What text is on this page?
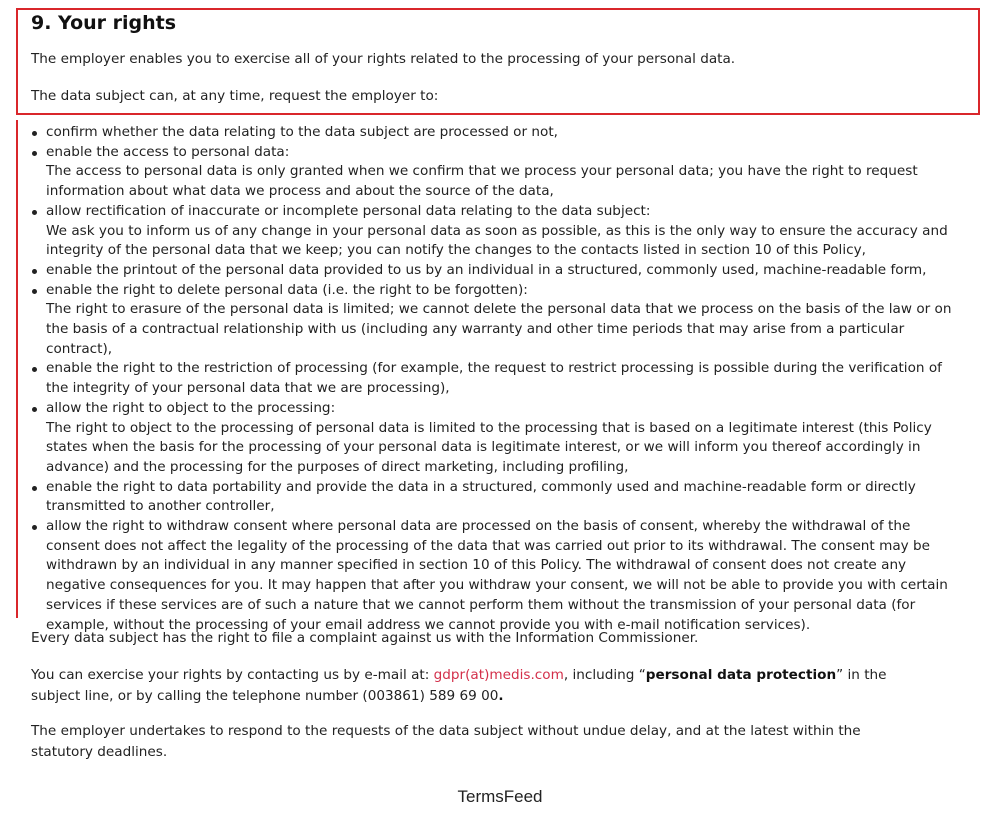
9. Your rights

The employer enables you to exercise all of your rights related to the processing of your personal data.

The data subject can, at any time, request the employer to:

confirm whether the data relating to the data subject are processed or not,
enable the access to personal data:
The access to personal data is only granted when we confirm that we process your personal data; you have the right to request information about what data we process and about the source of the data,
allow rectification of inaccurate or incomplete personal data relating to the data subject:
We ask you to inform us of any change in your personal data as soon as possible, as this is the only way to ensure the accuracy and integrity of the personal data that we keep; you can notify the changes to the contacts listed in section 10 of this Policy,
enable the printout of the personal data provided to us by an individual in a structured, commonly used, machine-readable form,
enable the right to delete personal data (i.e. the right to be forgotten):
The right to erasure of the personal data is limited; we cannot delete the personal data that we process on the basis of the law or on the basis of a contractual relationship with us (including any warranty and other time periods that may arise from a particular contract),
enable the right to the restriction of processing (for example, the request to restrict processing is possible during the verification of the integrity of your personal data that we are processing),
allow the right to object to the processing:
The right to object to the processing of personal data is limited to the processing that is based on a legitimate interest (this Policy states when the basis for the processing of your personal data is legitimate interest, or we will inform you thereof accordingly in advance) and the processing for the purposes of direct marketing, including profiling,
enable the right to data portability and provide the data in a structured, commonly used and machine-readable form or directly transmitted to another controller,
allow the right to withdraw consent where personal data are processed on the basis of consent, whereby the withdrawal of the consent does not affect the legality of the processing of the data that was carried out prior to its withdrawal. The consent may be withdrawn by an individual in any manner specified in section 10 of this Policy. The withdrawal of consent does not create any negative consequences for you. It may happen that after you withdraw your consent, we will not be able to provide you with certain services if these services are of such a nature that we cannot perform them without the transmission of your personal data (for example, without the processing of your email address we cannot provide you with e-mail notification services).

Every data subject has the right to file a complaint against us with the Information Commissioner.

You can exercise your rights by contacting us by e-mail at: gdpr(at)medis.com, including “personal data protection” in the
subject line, or by calling the telephone number (003861) 589 69 00.

The employer undertakes to respond to the requests of the data subject without undue delay, and at the latest within the
statutory deadlines.

TermsFeed
